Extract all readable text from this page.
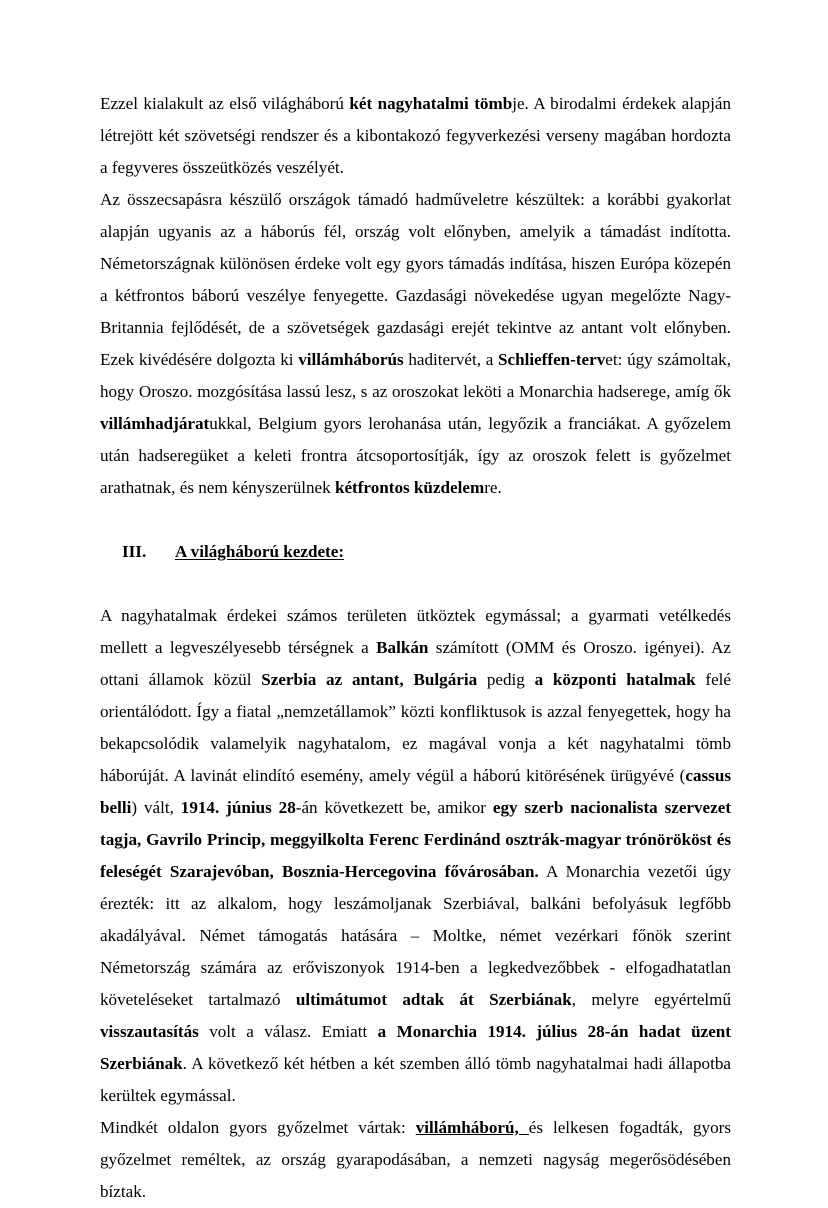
Ezzel kialakult az első világháború két nagyhatalmi tömbje. A birodalmi érdekek alapján létrejött két szövetségi rendszer és a kibontakozó fegyverkezési verseny magában hordozta a fegyveres összeütközés veszélyét.

Az összecsapásra készülő országok támadó hadműveletre készültek: a korábbi gyakorlat alapján ugyanis az a háborús fél, ország volt előnyben, amelyik a támadást indította. Németországnak különösen érdeke volt egy gyors támadás indítása, hiszen Európa közepén a kétfrontos báború veszélye fenyegette. Gazdasági növekedése ugyan megelőzte Nagy-Britannia fejlődését, de a szövetségek gazdasági erejét tekintve az antant volt előnyben. Ezek kivédésére dolgozta ki villámháborús haditervét, a Schlieffen-tervet: úgy számoltak, hogy Oroszo. mozgósítása lassú lesz, s az oroszokat leköti a Monarchia hadserege, amíg ők villámhadjáratukkal, Belgium gyors lerohanása után, legyőzik a franciákat. A győzelem után hadseregüket a keleti frontra átcsoportosítják, így az oroszok felett is győzelmet arathatnak, és nem kényszerülnek kétfrontos küzdelemre.

III.	A világháború kezdete:

A nagyhatalmak érdekei számos területen ütköztek egymással; a gyarmati vetélkedés mellett a legveszélyesebb térségnek a Balkán számított (OMM és Oroszo. igényei). Az ottani államok közül Szerbia az antant, Bulgária pedig a központi hatalmak felé orientálódott. Így a fiatal „nemzetállamok” közti konfliktusok is azzal fenyegettek, hogy ha bekapcsolódik valamelyik nagyhatalom, ez magával vonja a két nagyhatalmi tömb háborúját. A lavinát elindító esemény, amely végül a háború kitörésének ürügyévé (cassus belli) vált, 1914. június 28-án következett be, amikor egy szerb nacionalista szervezet tagja, Gavrilo Princip, meggyilkolta Ferenc Ferdinánd osztrák-magyar trónörököst és feleségét Szarajevóban, Bosznia-Hercegovina fővárosában. A Monarchia vezetői úgy érezték: itt az alkalom, hogy leszámoljanak Szerbiával, balkáni befolyásuk legfőbb akadályával. Német támogatás hatására – Moltke, német vezérkari főnök szerint Németország számára az erőviszonyok 1914-ben a legkedvezőbbek - elfogadhatatlan követeléseket tartalmazó ultimátumot adtak át Szerbiának, melyre egyértelmű visszautasítás volt a válasz. Emiatt a Monarchia 1914. július 28-án hadat üzent Szerbiának. A következő két hétben a két szemben álló tömb nagyhatalmai hadi állapotba kerültek egymással.

Mindkét oldalon gyors győzelmet vártak: villámháború, és lelkesen fogadták, gyors győzelmet reméltek, az ország gyarapodásában, a nemzeti nagyság megerősödésében bíztak.
